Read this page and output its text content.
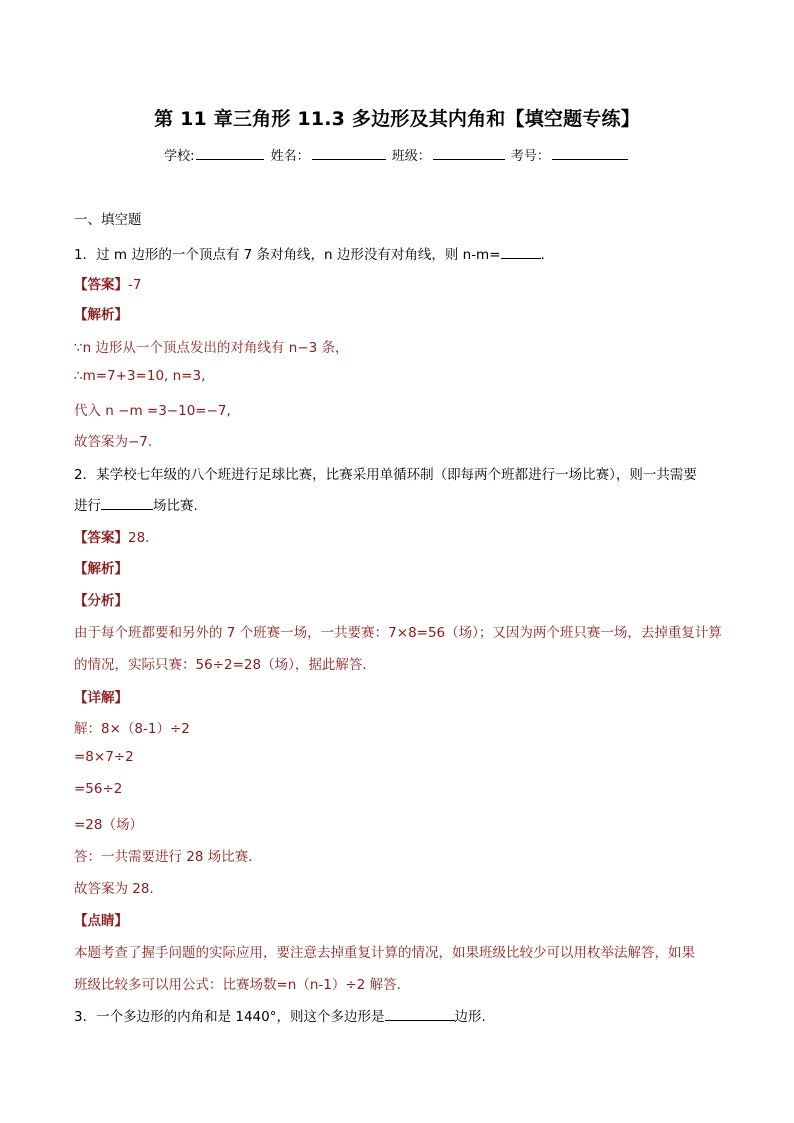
第 11 章三角形 11.3 多边形及其内角和【填空题专练】
学校:	姓名：	班级：	考号：
一、填空题
1．过 m 边形的一个顶点有 7 条对角线，n 边形没有对角线，则 n-m=	.
【答案】-7
【解析】
∵n 边形从一个顶点发出的对角线有 n−3 条，
∴m=7+3=10, n=3,
代入 n −m =3−10=−7,
故答案为−7.
2．某学校七年级的八个班进行足球比赛，比赛采用单循环制（即每两个班都进行一场比赛），则一共需要
进行	场比赛.
【答案】28．
【解析】
【分析】
由于每个班都要和另外的 7 个班赛一场，一共要赛：7×8=56（场）；又因为两个班只赛一场，去掉重复计算
的情况，实际只赛：56÷2=28（场），据此解答．
【详解】
解：8×（8-1）÷2
=8×7÷2
=56÷2
=28（场）
答：一共需要进行 28 场比赛．
故答案为 28．
【点睛】
本题考查了握手问题的实际应用，要注意去掉重复计算的情况，如果班级比较少可以用枚举法解答，如果
班级比较多可以用公式：比赛场数=n（n-1）÷2 解答．
3．一个多边形的内角和是 1440°，则这个多边形是	边形.
